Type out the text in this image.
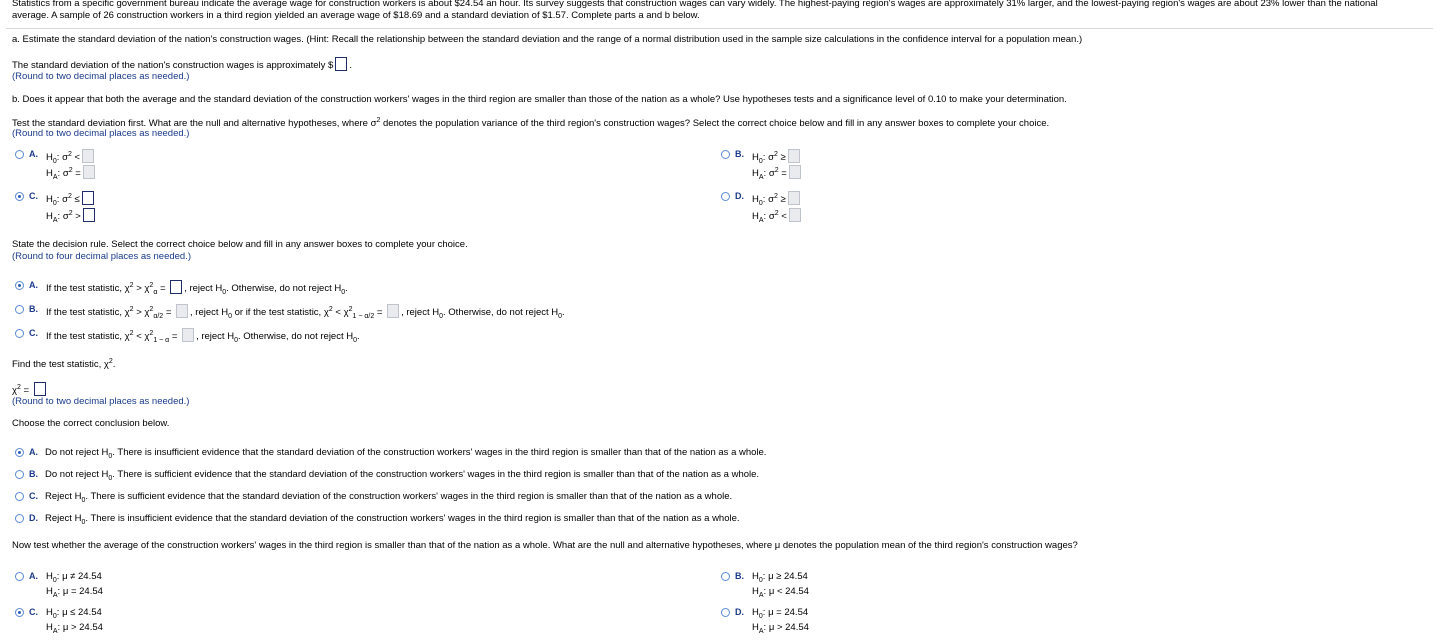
Statistics from a specific government bureau indicate the average wage for construction workers is about $24.54 an hour. Its survey suggests that construction wages can vary widely. The highest-paying region's wages are approximately 31% larger, and the lowest-paying region's wages are about 23% lower than the national
average. A sample of 26 construction workers in a third region yielded an average wage of $18.69 and a standard deviation of $1.57. Complete parts a and b below.
a. Estimate the standard deviation of the nation's construction wages. (Hint: Recall the relationship between the standard deviation and the range of a normal distribution used in the sample size calculations in the confidence interval for a population mean.)
The standard deviation of the nation's construction wages is approximately $ .
(Round to two decimal places as needed.)
b. Does it appear that both the average and the standard deviation of the construction workers' wages in the third region are smaller than those of the nation as a whole? Use hypotheses tests and a significance level of 0.10 to make your determination.
Test the standard deviation first. What are the null and alternative hypotheses, where $\sigma^2$ denotes the population variance of the third region's construction wages? Select the correct choice below and fill in any answer boxes to complete your choice.
(Round to two decimal places as needed.)
A. $H_0$: $\sigma^2$ <
$H_A$: $\sigma^2$ =
B. $H_0$: $\sigma^2$ ≥
$H_A$: $\sigma^2$ =
C. $H_0$: $\sigma^2$ ≤
$H_A$: $\sigma^2$ >
D. $H_0$: $\sigma^2$ ≥
$H_A$: $\sigma^2$ <
State the decision rule. Select the correct choice below and fill in any answer boxes to complete your choice.
(Round to four decimal places as needed.)
A. If the test statistic, $\chi^2 > \chi^2_\alpha$ = , reject $H_0$. Otherwise, do not reject $H_0$.
B. If the test statistic, $\chi^2 > \chi^2_{\alpha/2}$ = , reject $H_0$ or if the test statistic, $\chi^2 < \chi^2_{1 - \alpha/2}$ = , reject $H_0$. Otherwise, do not reject $H_0$.
C. If the test statistic, $\chi^2 < \chi^2_{1 - \alpha}$ = , reject $H_0$. Otherwise, do not reject $H_0$.
Find the test statistic, $\chi^2$.
$\chi^2$ =
(Round to two decimal places as needed.)
Choose the correct conclusion below.
A. Do not reject $H_0$. There is insufficient evidence that the standard deviation of the construction workers' wages in the third region is smaller than that of the nation as a whole.
B. Do not reject $H_0$. There is sufficient evidence that the standard deviation of the construction workers' wages in the third region is smaller than that of the nation as a whole.
C. Reject $H_0$. There is sufficient evidence that the standard deviation of the construction workers' wages in the third region is smaller than that of the nation as a whole.
D. Reject $H_0$. There is insufficient evidence that the standard deviation of the construction workers' wages in the third region is smaller than that of the nation as a whole.
Now test whether the average of the construction workers' wages in the third region is smaller than that of the nation as a whole. What are the null and alternative hypotheses, where μ denotes the population mean of the third region's construction wages?
A. $H_0$: μ ≠ 24.54
$H_A$: μ = 24.54
B. $H_0$: μ ≥ 24.54
$H_A$: μ < 24.54
C. $H_0$: μ ≤ 24.54
$H_A$: μ > 24.54
D. $H_0$: μ = 24.54
$H_A$: μ > 24.54
